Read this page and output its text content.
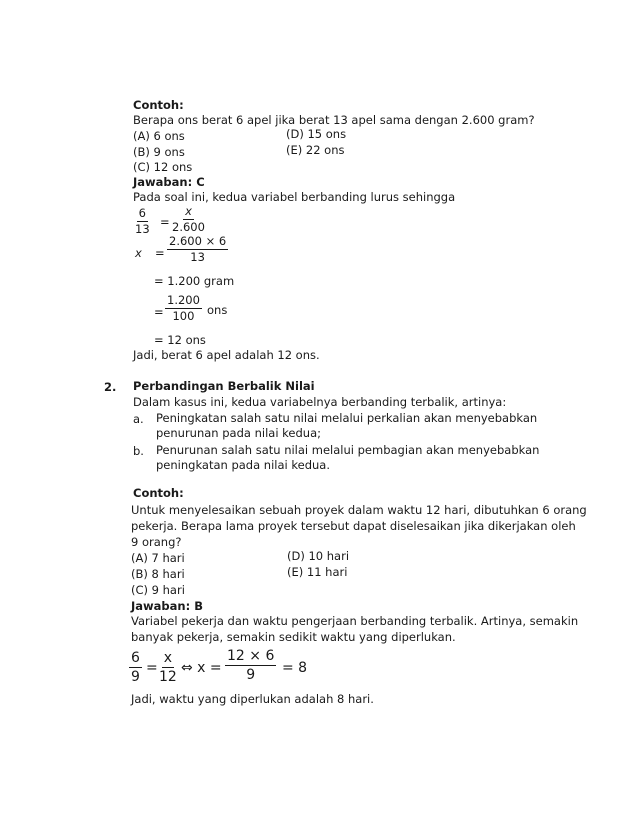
Contoh:
Berapa ons berat 6 apel jika berat 13 apel sama dengan 2.600 gram?
(A) 6 ons
(B) 9 ons
(C) 12 ons
(D) 15 ons
(E) 22 ons
Jawaban: C
Pada soal ini, kedua variabel berbanding lurus sehingga
$\frac{6}{13} = \frac{x}{2.600}$
$x = \frac{2.600 \times 6}{13}$
= 1.200 gram
= $\frac{1.200}{100}$ ons
= 12 ons
Jadi, berat 6 apel adalah 12 ons.
2. Perbandingan Berbalik Nilai
Dalam kasus ini, kedua variabelnya berbanding terbalik, artinya:
a. Peningkatan salah satu nilai melalui perkalian akan menyebabkan
penurunan pada nilai kedua;
b. Penurunan salah satu nilai melalui pembagian akan menyebabkan
peningkatan pada nilai kedua.
Contoh:
Untuk menyelesaikan sebuah proyek dalam waktu 12 hari, dibutuhkan 6 orang
pekerja. Berapa lama proyek tersebut dapat diselesaikan jika dikerjakan oleh
9 orang?
(A) 7 hari
(B) 8 hari
(C) 9 hari
(D) 10 hari
(E) 11 hari
Jawaban: B
Variabel pekerja dan waktu pengerjaan berbanding terbalik. Artinya, semakin
banyak pekerja, semakin sedikit waktu yang diperlukan.
$\frac{6}{9} = \frac{x}{12}$ ⇔ $x = \frac{12 \times 6}{9} = 8$
Jadi, waktu yang diperlukan adalah 8 hari.
